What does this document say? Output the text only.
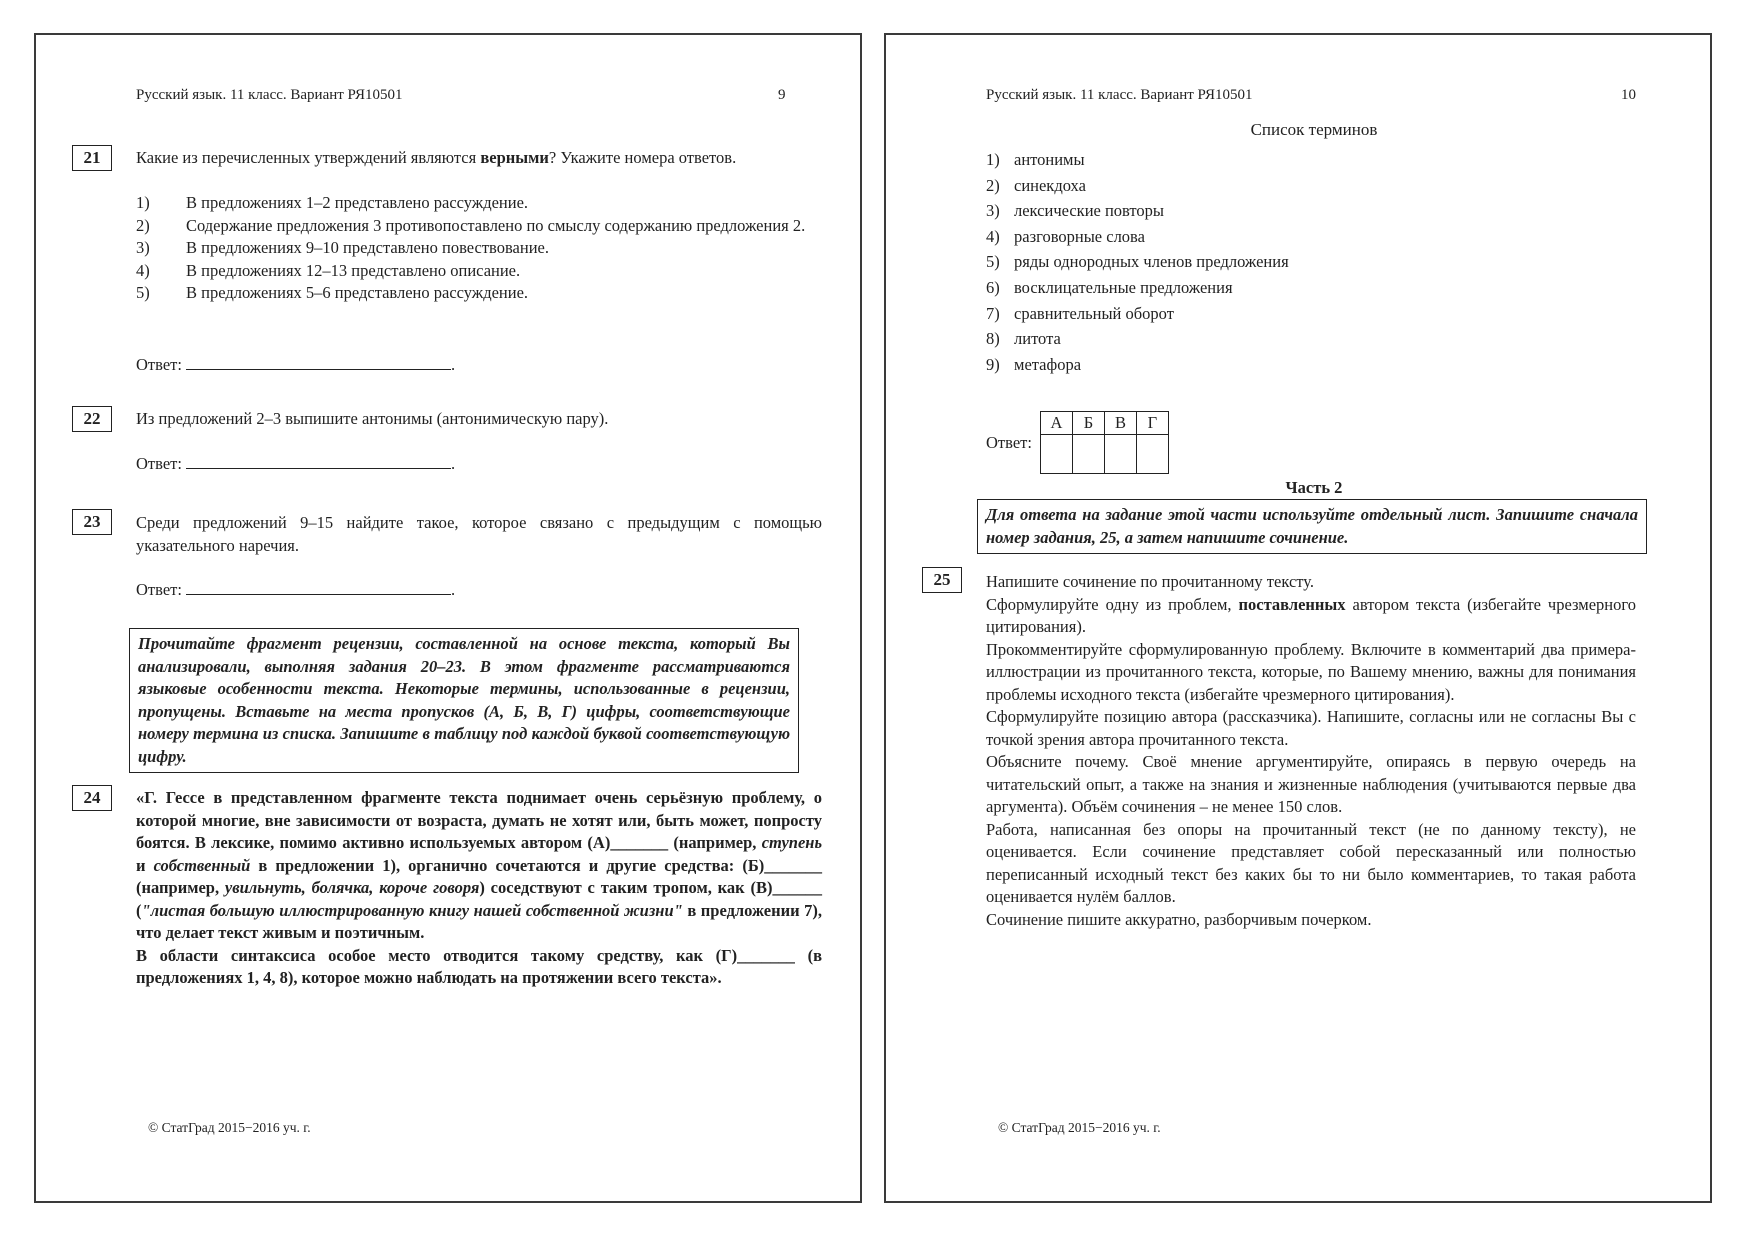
Русский язык. 11 класс. Вариант РЯ10501	9
21	Какие из перечисленных утверждений являются верными? Укажите номера ответов.
1)	В предложениях 1–2 представлено рассуждение.
2)	Содержание предложения 3 противопоставлено по смыслу содержанию предложения 2.
3)	В предложениях 9–10 представлено повествование.
4)	В предложениях 12–13 представлено описание.
5)	В предложениях 5–6 представлено рассуждение.
Ответ:	.
22	Из предложений 2–3 выпишите антонимы (антонимическую пару).
Ответ:	.
23	Среди предложений 9–15 найдите такое, которое связано с предыдущим с помощью указательного наречия.
Ответ:	.
Прочитайте фрагмент рецензии, составленной на основе текста, который Вы анализировали, выполняя задания 20–23. В этом фрагменте рассматриваются языковые особенности текста. Некоторые термины, использованные в рецензии, пропущены. Вставьте на места пропусков (А, Б, В, Г) цифры, соответствующие номеру термина из списка. Запишите в таблицу под каждой буквой соответствующую цифру.
24	«Г. Гессе в представленном фрагменте текста поднимает очень серьёзную проблему, о которой многие, вне зависимости от возраста, думать не хотят или, быть может, попросту боятся. В лексике, помимо активно используемых автором (А)_______ (например, ступень и собственный в предложении 1), органично сочетаются и другие средства: (Б)_______ (например, увильнуть, болячка, короче говоря) соседствуют с таким тропом, как (В)______ ("листая большую иллюстрированную книгу нашей собственной жизни" в предложении 7), что делает текст живым и поэтичным.
В области синтаксиса особое место отводится такому средству, как (Г)_______ (в предложениях 1, 4, 8), которое можно наблюдать на протяжении всего текста».
© СтатГрад 2015−2016 уч. г.
Русский язык. 11 класс. Вариант РЯ10501	10
Список терминов
1) антонимы
2) синекдоха
3) лексические повторы
4) разговорные слова
5) ряды однородных членов предложения
6) восклицательные предложения
7) сравнительный оборот
8) литота
9) метафора
Ответ:
А	Б	В	Г

Часть 2
Для ответа на задание этой части используйте отдельный лист. Запишите сначала номер задания, 25, а затем напишите сочинение.
25	Напишите сочинение по прочитанному тексту.
Сформулируйте одну из проблем, поставленных автором текста (избегайте чрезмерного цитирования).
Прокомментируйте сформулированную проблему. Включите в комментарий два примера-иллюстрации из прочитанного текста, которые, по Вашему мнению, важны для понимания проблемы исходного текста (избегайте чрезмерного цитирования).
Сформулируйте позицию автора (рассказчика). Напишите, согласны или не согласны Вы с точкой зрения автора прочитанного текста.
Объясните почему. Своё мнение аргументируйте, опираясь в первую очередь на читательский опыт, а также на знания и жизненные наблюдения (учитываются первые два аргумента). Объём сочинения – не менее 150 слов.
Работа, написанная без опоры на прочитанный текст (не по данному тексту), не оценивается. Если сочинение представляет собой пересказанный или полностью переписанный исходный текст без каких бы то ни было комментариев, то такая работа оценивается нулём баллов.
Сочинение пишите аккуратно, разборчивым почерком.
© СтатГрад 2015−2016 уч. г.
